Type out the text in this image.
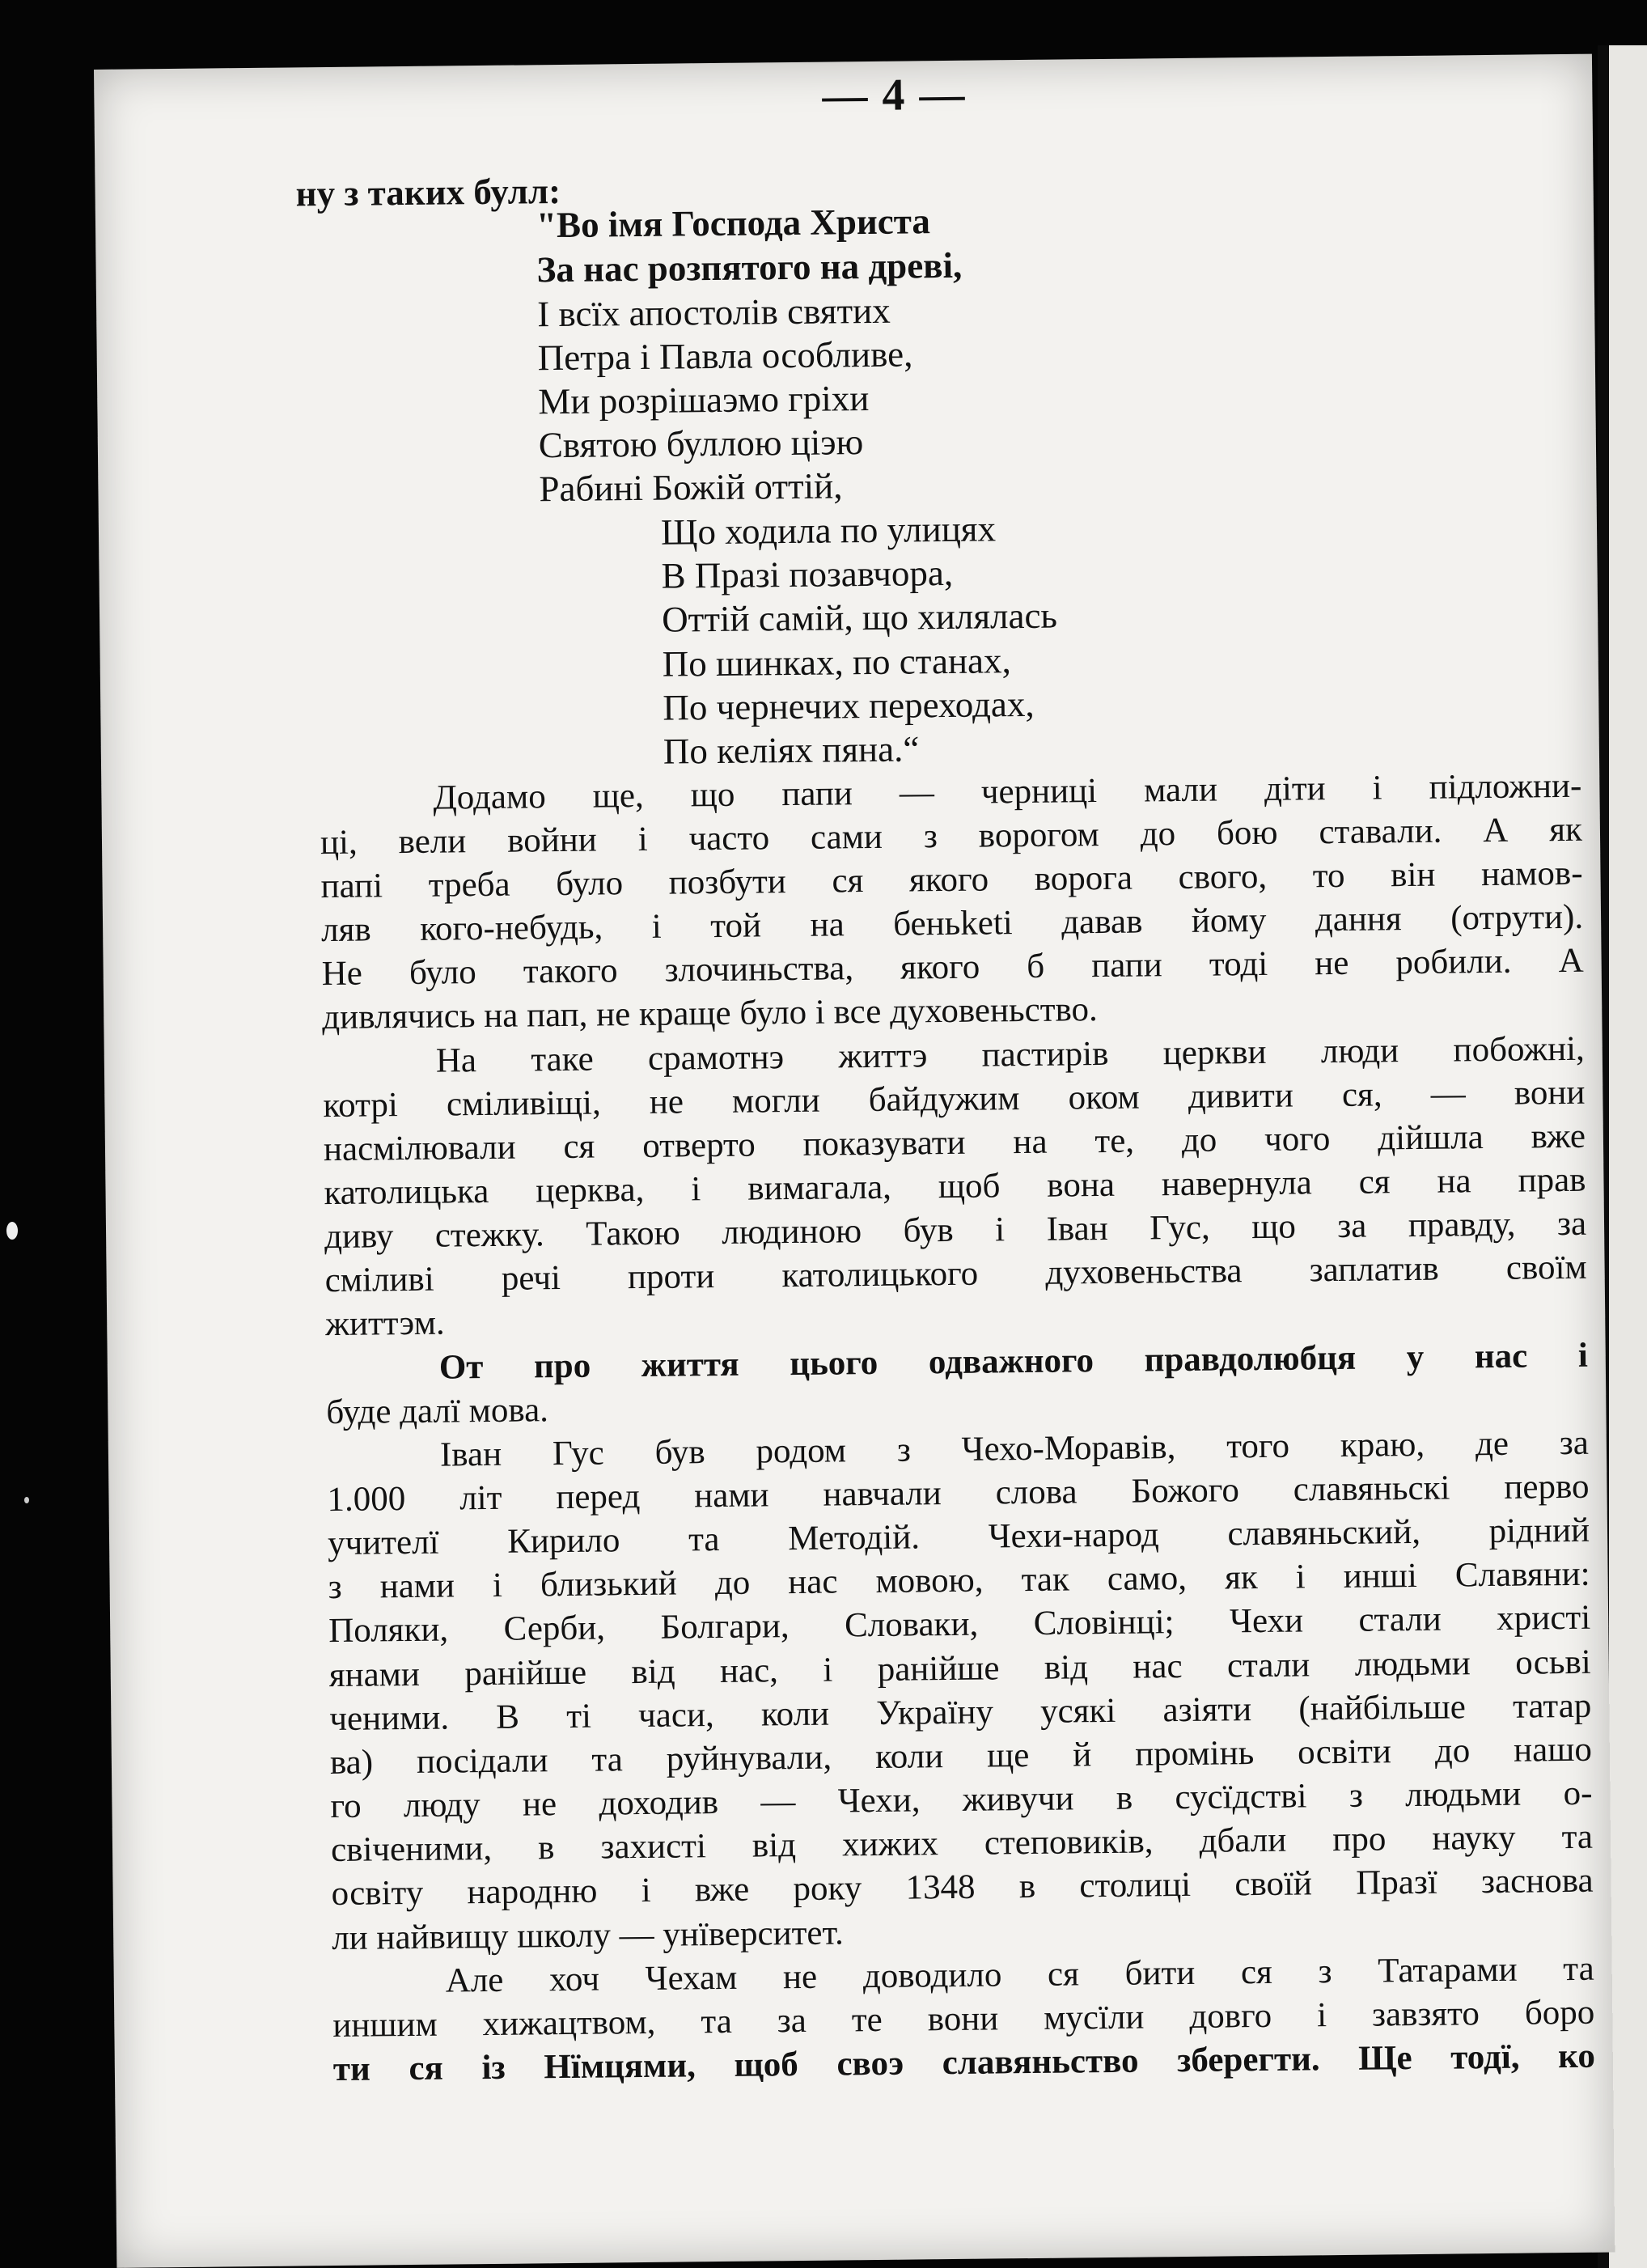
— 4 —
ну з таких булл:
"Во імя Господа Христа
За нас розпятого на древі,
І всїх апостолів святих
Петра і Павла особливе,
Ми розрішаэмо гріхи
Святою буллою ціэю
Рабині Божій оттій,
Що ходила по улицях
В Празі позавчора,
Оттій самій, що хилялась
По шинках, по станах,
По чернечих переходах,
По келіях пяна.“
Додамо ще, що папи — черниці мали діти і підложни-
ці, вели войни і часто сами з ворогом до бою ставали. А як
папі треба було позбути ся якого ворога свого, то він намов-
ляв кого-небудь, і той на беньketі давав йому дання (отрути).
Не було такого злочиньства, якого б папи тоді не робили. А
дивлячись на пап, не краще було і все духовеньство.
На таке срамотнэ життэ пастирів церкви люди побожні,
котрі сміливіщі, не могли байдужим оком дивити ся, — вони
насмілювали ся отверто показувати на те, до чого дійшла вже
католицька церква, і вимагала, щоб вона навернула ся на прав
диву стежку. Такою людиною був і Іван Гус, що за правду, за
сміливі речі проти католицького духовеньства заплатив своїм
життэм.
От про життя цього одважного правдолюбця у нас і
буде далї мова.
Іван Гус був родом з Чехо-Моравів, того краю, де за
1.000 літ перед нами навчали слова Божого славяньскі перво
учителї Кирило та Методій. Чехи-народ славяньский, рідний
з нами і близький до нас мовою, так само, як і инші Славяни:
Поляки, Серби, Болгари, Словаки, Словінці; Чехи стали христі
янами ранійше від нас, і ранійше від нас стали людьми осьві
ченими. В ті часи, коли Україну усякі азіяти (найбільше татар
ва) посідали та руйнували, коли ще й промінь освіти до нашо
го люду не доходив — Чехи, живучи в сусїдстві з людьми о-
свіченими, в захисті від хижих степовиків, дбали про науку та
освіту народню і вже року 1348 в столиці своїй Празї заснова
ли найвищу школу — унїверситет.
Але хоч Чехам не доводило ся бити ся з Татарами та
иншим хижацтвом, та за те вони мусїли довго і завзято боро
ти ся із Нїмцями, щоб своэ славяньство зберегти. Ще тодї, ко
